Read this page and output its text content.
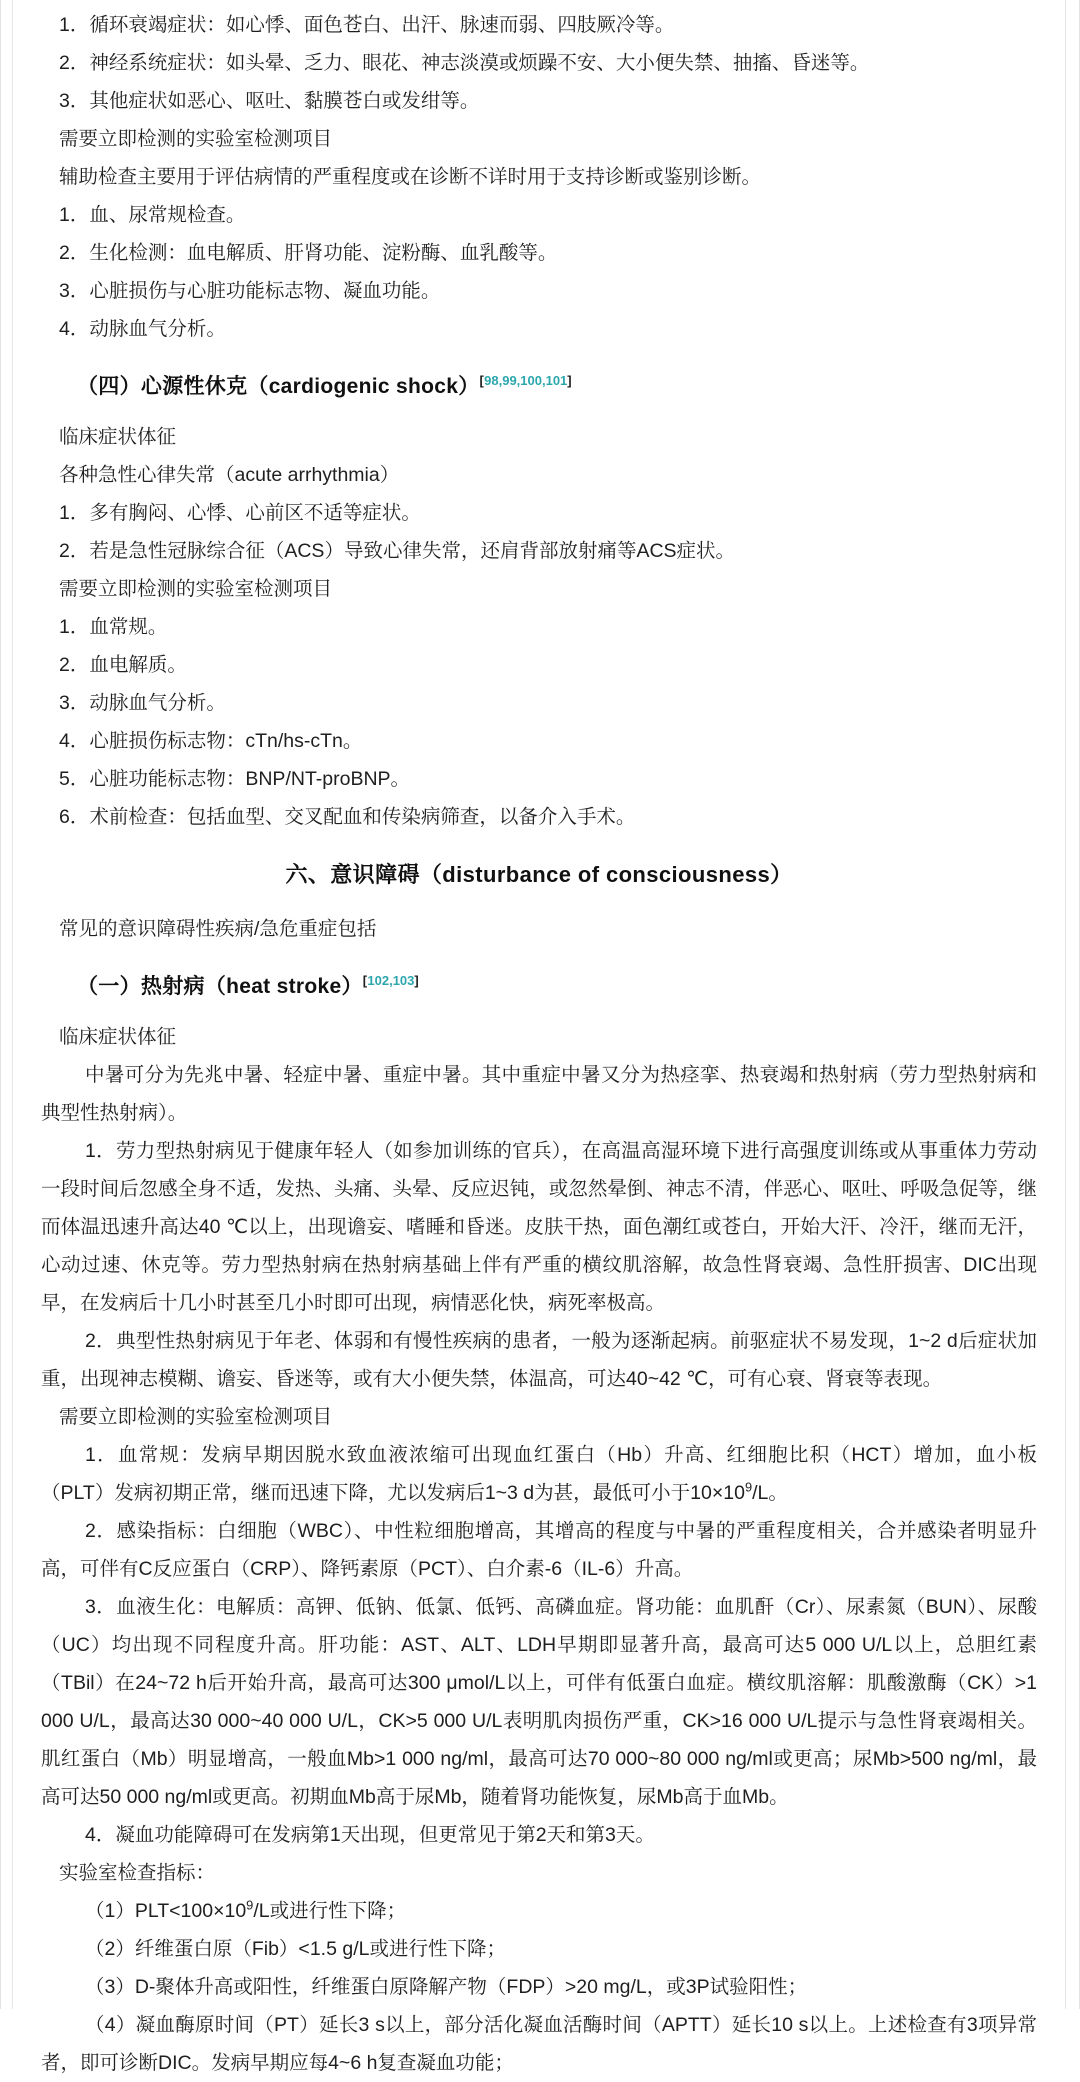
1．循环衰竭症状：如心悸、面色苍白、出汗、脉速而弱、四肢厥冷等。

2．神经系统症状：如头晕、乏力、眼花、神志淡漠或烦躁不安、大小便失禁、抽搐、昏迷等。

3．其他症状如恶心、呕吐、黏膜苍白或发绀等。

需要立即检测的实验室检测项目

辅助检查主要用于评估病情的严重程度或在诊断不详时用于支持诊断或鉴别诊断。

1．血、尿常规检查。

2．生化检测：血电解质、肝肾功能、淀粉酶、血乳酸等。

3．心脏损伤与心脏功能标志物、凝血功能。

4．动脉血气分析。

（四）心源性休克（cardiogenic shock）[98,99,100,101]

临床症状体征

各种急性心律失常（acute arrhythmia）

1．多有胸闷、心悸、心前区不适等症状。

2．若是急性冠脉综合征（ACS）导致心律失常，还肩背部放射痛等ACS症状。

需要立即检测的实验室检测项目

1．血常规。

2．血电解质。

3．动脉血气分析。

4．心脏损伤标志物：cTn/hs-cTn。

5．心脏功能标志物：BNP/NT-proBNP。

6．术前检查：包括血型、交叉配血和传染病筛查，以备介入手术。

六、意识障碍（disturbance of consciousness）

常见的意识障碍性疾病/急危重症包括

（一）热射病（heat stroke）[102,103]

临床症状体征

中暑可分为先兆中暑、轻症中暑、重症中暑。其中重症中暑又分为热痉挛、热衰竭和热射病（劳力型热射病和典型性热射病）。

1．劳力型热射病见于健康年轻人（如参加训练的官兵），在高温高湿环境下进行高强度训练或从事重体力劳动一段时间后忽感全身不适，发热、头痛、头晕、反应迟钝，或忽然晕倒、神志不清，伴恶心、呕吐、呼吸急促等，继而体温迅速升高达40 ℃以上，出现谵妄、嗜睡和昏迷。皮肤干热，面色潮红或苍白，开始大汗、冷汗，继而无汗，心动过速、休克等。劳力型热射病在热射病基础上伴有严重的横纹肌溶解，故急性肾衰竭、急性肝损害、DIC出现早，在发病后十几小时甚至几小时即可出现，病情恶化快，病死率极高。

2．典型性热射病见于年老、体弱和有慢性疾病的患者，一般为逐渐起病。前驱症状不易发现，1~2 d后症状加重，出现神志模糊、谵妄、昏迷等，或有大小便失禁，体温高，可达40~42 ℃，可有心衰、肾衰等表现。

需要立即检测的实验室检测项目

1．血常规：发病早期因脱水致血液浓缩可出现血红蛋白（Hb）升高、红细胞比积（HCT）增加，血小板（PLT）发病初期正常，继而迅速下降，尤以发病后1~3 d为甚，最低可小于$10\times 10^9/L$。

2．感染指标：白细胞（WBC）、中性粒细胞增高，其增高的程度与中暑的严重程度相关，合并感染者明显升高，可伴有C反应蛋白（CRP）、降钙素原（PCT）、白介素-6（IL-6）升高。

3．血液生化：电解质：高钾、低钠、低氯、低钙、高磷血症。肾功能：血肌酐（Cr）、尿素氮（BUN）、尿酸（UC）均出现不同程度升高。肝功能：AST、ALT、LDH早期即显著升高，最高可达5 000 U/L以上，总胆红素（TBil）在24~72 h后开始升高，最高可达300 μmol/L以上，可伴有低蛋白血症。横纹肌溶解：肌酸激酶（CK）>1 000 U/L，最高达30 000~40 000 U/L，CK>5 000 U/L表明肌肉损伤严重，CK>16 000 U/L提示与急性肾衰竭相关。肌红蛋白（Mb）明显增高，一般血Mb>1 000 ng/ml，最高可达70 000~80 000 ng/ml或更高；尿Mb>500 ng/ml，最高可达50 000 ng/ml或更高。初期血Mb高于尿Mb，随着肾功能恢复，尿Mb高于血Mb。

4．凝血功能障碍可在发病第1天出现，但更常见于第2天和第3天。

实验室检查指标：

$(1)PLT<100\times 10^9/L$或进行性下降；

（2）纤维蛋白原（Fib）<1.5 g/L或进行性下降；

（3）D-聚体升高或阳性，纤维蛋白原降解产物（FDP）>20 mg/L，或3P试验阳性；

（4）凝血酶原时间（PT）延长3 s以上，部分活化凝血活酶时间（APTT）延长10 s以上。上述检查有3项异常者，即可诊断DIC。发病早期应每4~6 h复查凝血功能；
